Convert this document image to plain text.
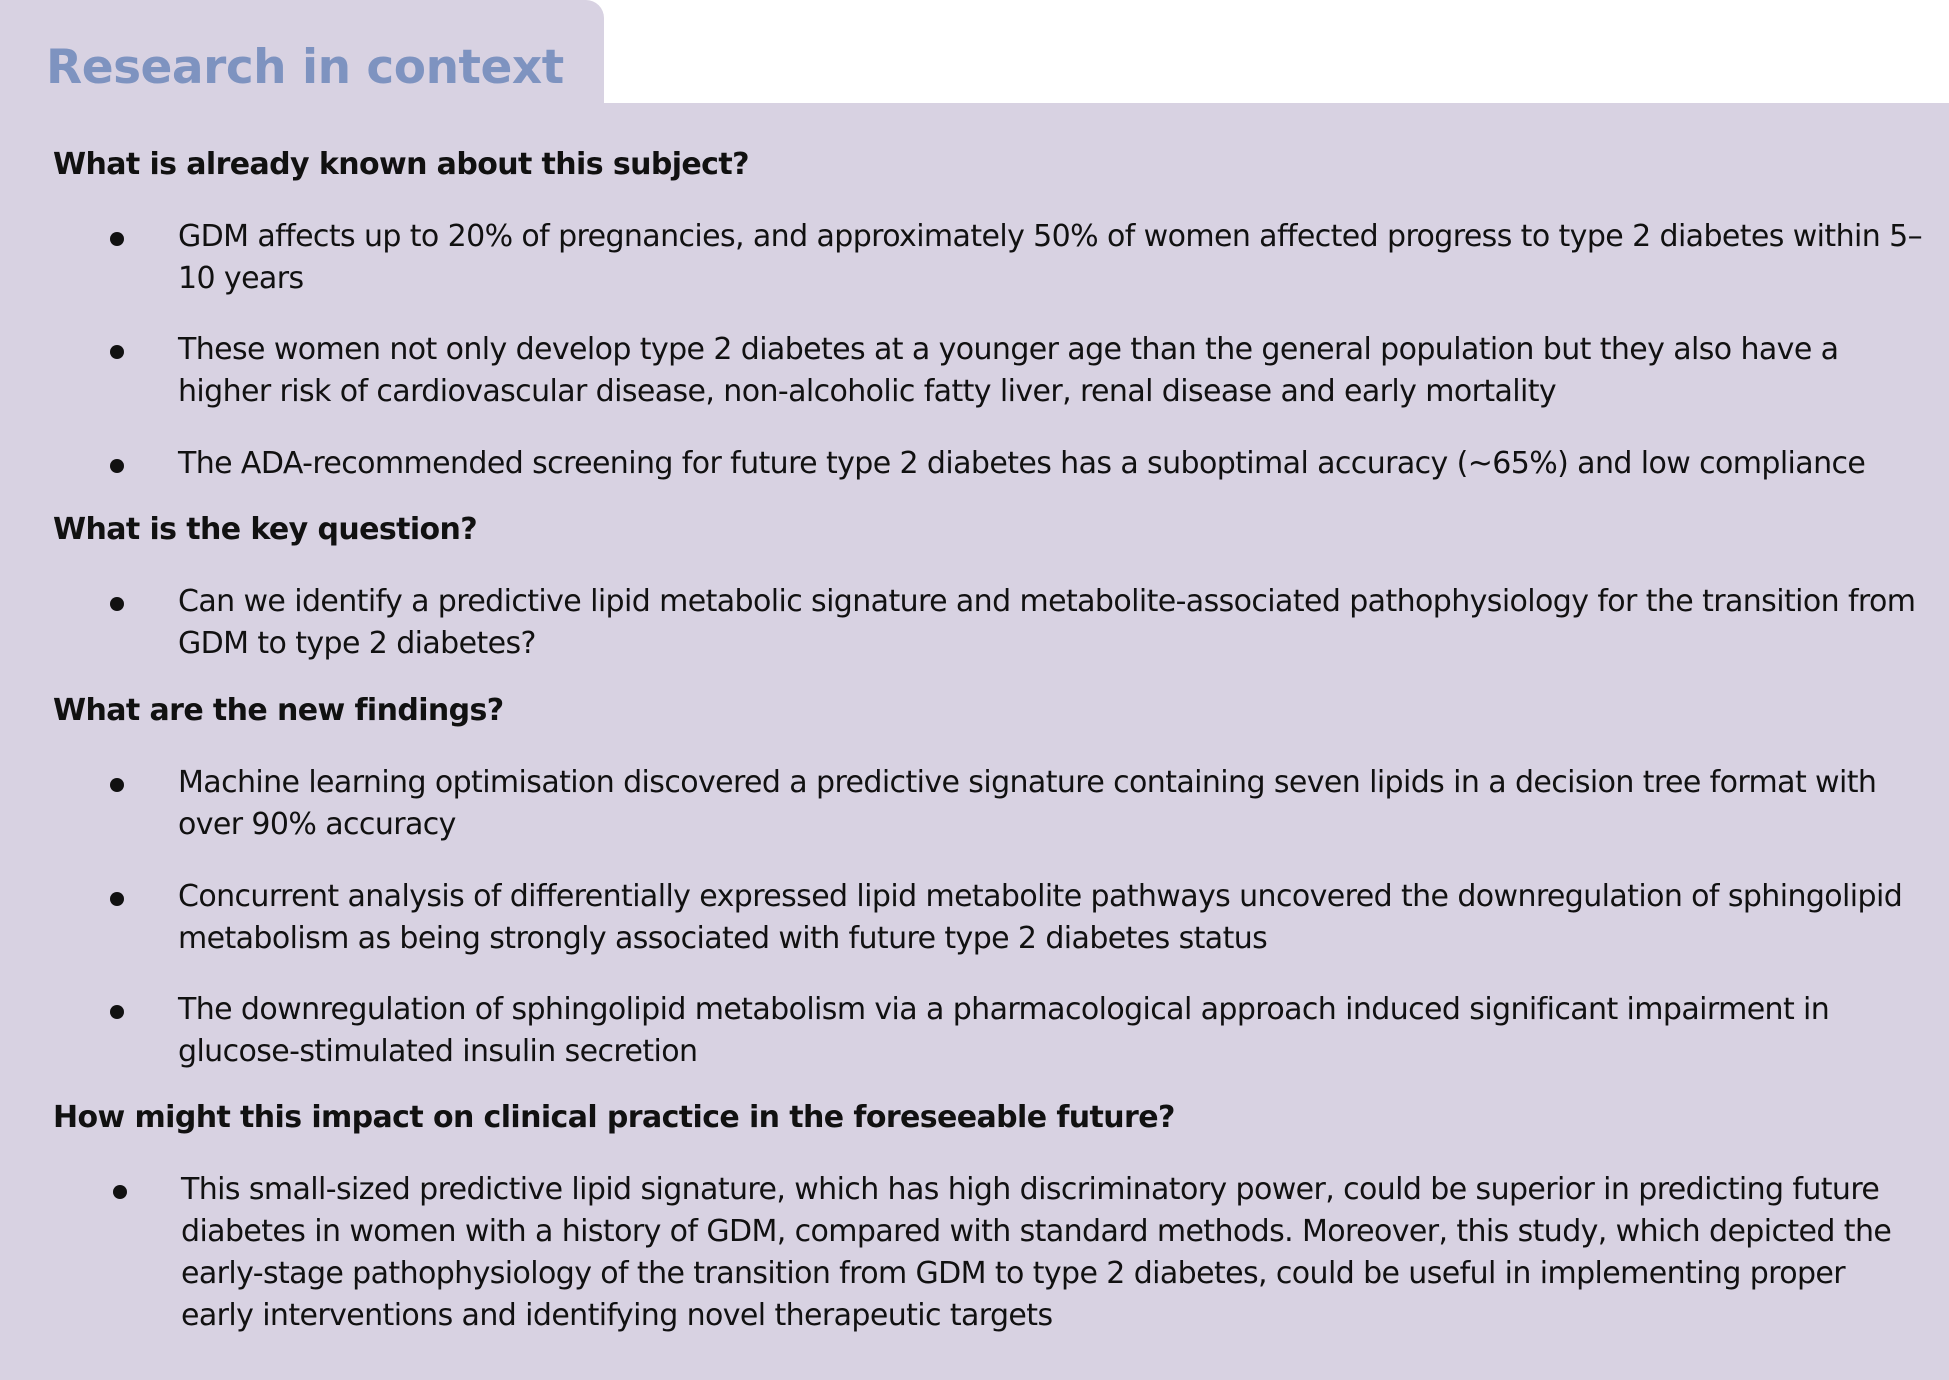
Research in context
What is already known about this subject?

GDM affects up to 20% of pregnancies, and approximately 50% of women affected progress to type 2 diabetes within 5–10 years

These women not only develop type 2 diabetes at a younger age than the general population but they also have a higher risk of cardiovascular disease, non-alcoholic fatty liver, renal disease and early mortality

The ADA-recommended screening for future type 2 diabetes has a suboptimal accuracy (~65%) and low compliance

What is the key question?

Can we identify a predictive lipid metabolic signature and metabolite-associated pathophysiology for the transition from GDM to type 2 diabetes?

What are the new findings?

Machine learning optimisation discovered a predictive signature containing seven lipids in a decision tree format with over 90% accuracy

Concurrent analysis of differentially expressed lipid metabolite pathways uncovered the downregulation of sphingolipid metabolism as being strongly associated with future type 2 diabetes status

The downregulation of sphingolipid metabolism via a pharmacological approach induced significant impairment in glucose-stimulated insulin secretion

How might this impact on clinical practice in the foreseeable future?

This small-sized predictive lipid signature, which has high discriminatory power, could be superior in predicting future diabetes in women with a history of GDM, compared with standard methods. Moreover, this study, which depicted the early-stage pathophysiology of the transition from GDM to type 2 diabetes, could be useful in implementing proper early interventions and identifying novel therapeutic targets
